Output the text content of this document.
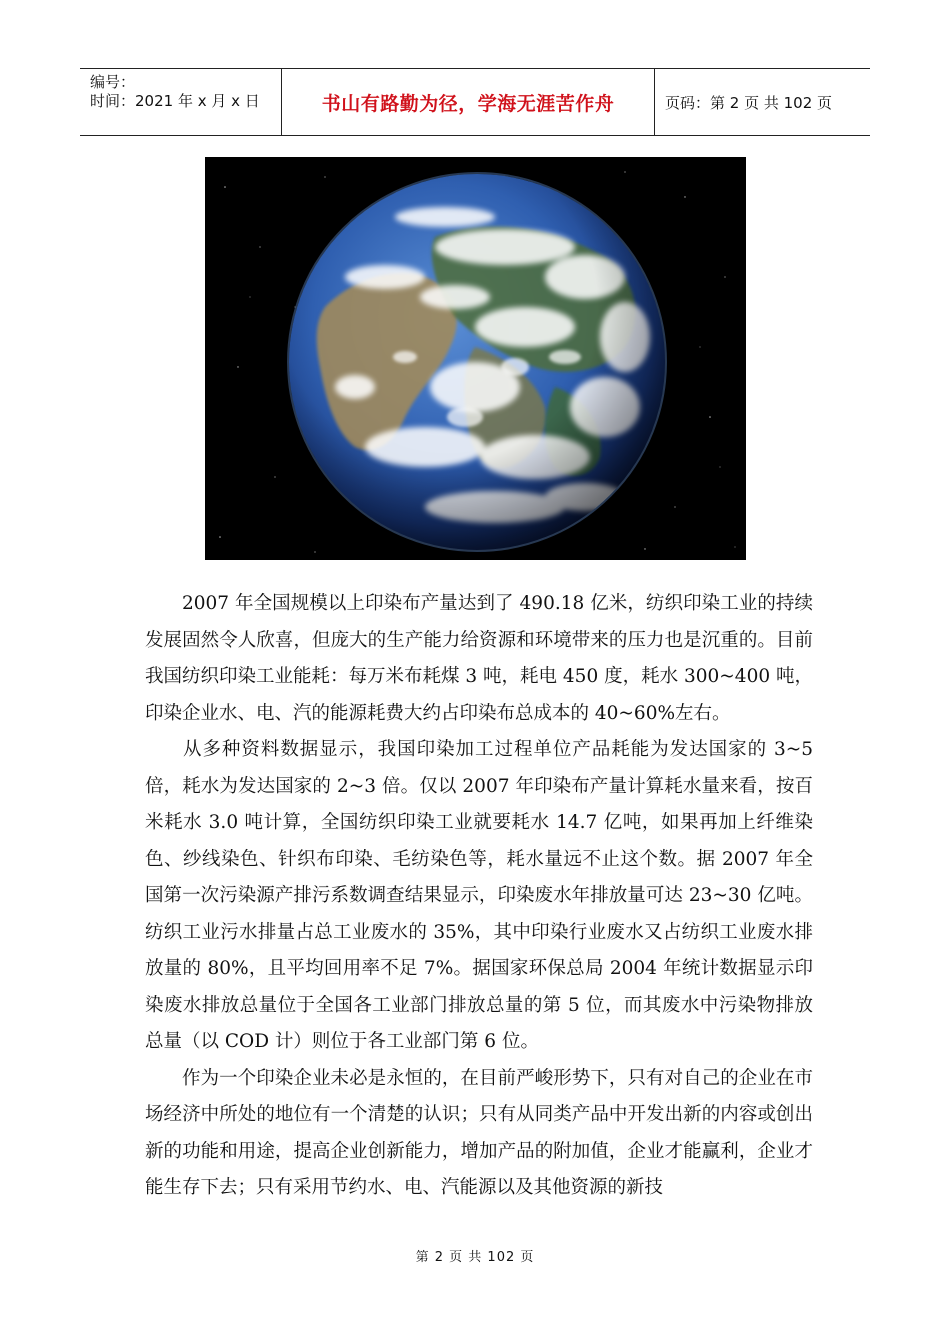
编号：
时间：2021 年 x 月 x 日	书山有路勤为径，学海无涯苦作舟	页码：第 2 页 共 102 页

2007 年全国规模以上印染布产量达到了 490.18 亿米，纺织印染工业的持续发展固然令人欣喜，但庞大的生产能力给资源和环境带来的压力也是沉重的。目前我国纺织印染工业能耗：每万米布耗煤 3 吨，耗电 450 度，耗水 300~400 吨，印染企业水、电、汽的能源耗费大约占印染布总成本的 40~60%左右。

从多种资料数据显示，我国印染加工过程单位产品耗能为发达国家的 3~5 倍，耗水为发达国家的 2~3 倍。仅以 2007 年印染布产量计算耗水量来看，按百米耗水 3.0 吨计算，全国纺织印染工业就要耗水 14.7 亿吨，如果再加上纤维染色、纱线染色、针织布印染、毛纺染色等，耗水量远不止这个数。据 2007 年全国第一次污染源产排污系数调查结果显示，印染废水年排放量可达 23~30 亿吨。纺织工业污水排量占总工业废水的 35%，其中印染行业废水又占纺织工业废水排放量的 80%，且平均回用率不足 7%。据国家环保总局 2004 年统计数据显示印染废水排放总量位于全国各工业部门排放总量的第 5 位，而其废水中污染物排放总量（以 COD 计）则位于各工业部门第 6 位。

作为一个印染企业未必是永恒的，在目前严峻形势下，只有对自己的企业在市场经济中所处的地位有一个清楚的认识；只有从同类产品中开发出新的内容或创出新的功能和用途，提高企业创新能力，增加产品的附加值，企业才能赢利，企业才能生存下去；只有采用节约水、电、汽能源以及其他资源的新技

第 2 页 共 102 页
